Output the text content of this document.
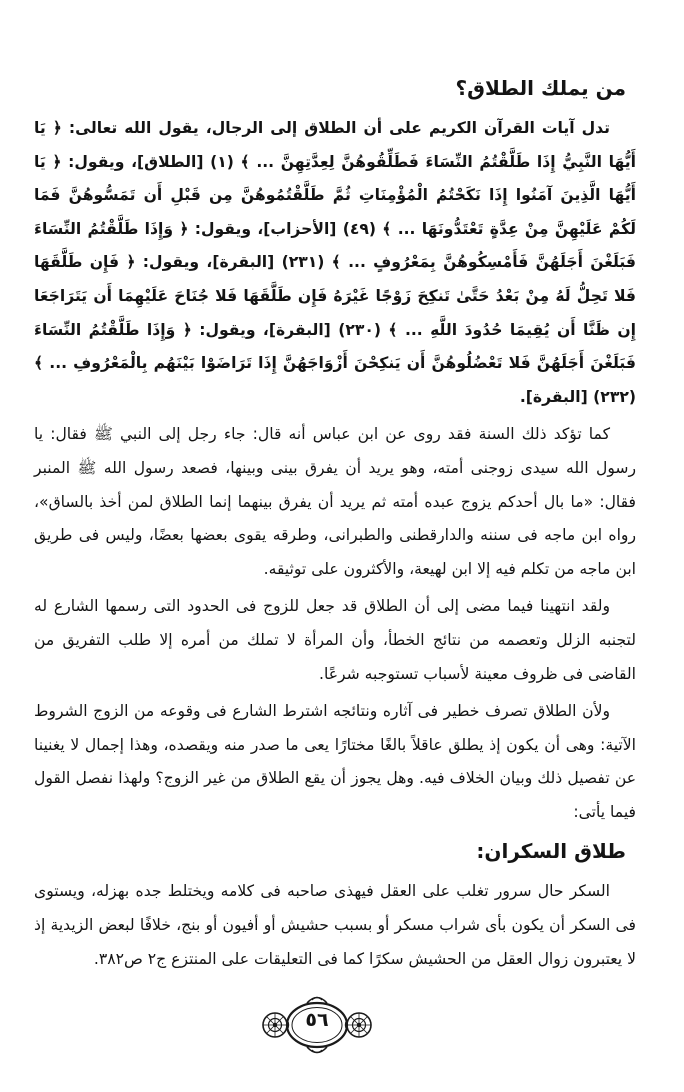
من يملك الطلاق؟

تدل آيات القرآن الكريم على أن الطلاق إلى الرجال، يقول الله تعالى: ﴿ يَا أَيُّهَا النَّبِيُّ إِذَا طَلَّقْتُمُ النِّسَاءَ فَطَلِّقُوهُنَّ لِعِدَّتِهِنَّ ... ﴾ (١) [الطلاق]، ويقول: ﴿ يَا أَيُّهَا الَّذِينَ آمَنُوا إِذَا نَكَحْتُمُ الْمُؤْمِنَاتِ ثُمَّ طَلَّقْتُمُوهُنَّ مِن قَبْلِ أَن تَمَسُّوهُنَّ فَمَا لَكُمْ عَلَيْهِنَّ مِنْ عِدَّةٍ تَعْتَدُّونَهَا ... ﴾ (٤٩) [الأحزاب]، ويقول: ﴿ وَإِذَا طَلَّقْتُمُ النِّسَاءَ فَبَلَغْنَ أَجَلَهُنَّ فَأَمْسِكُوهُنَّ بِمَعْرُوفٍ ... ﴾ (٢٣١) [البقرة]، ويقول: ﴿ فَإِن طَلَّقَهَا فَلا تَحِلُّ لَهُ مِنْ بَعْدُ حَتَّىٰ تَنكِحَ زَوْجًا غَيْرَهُ فَإِن طَلَّقَهَا فَلا جُنَاحَ عَلَيْهِمَا أَن يَتَرَاجَعَا إِن ظَنَّا أَن يُقِيمَا حُدُودَ اللَّهِ ... ﴾ (٢٣٠) [البقرة]، ويقول: ﴿ وَإِذَا طَلَّقْتُمُ النِّسَاءَ فَبَلَغْنَ أَجَلَهُنَّ فَلا تَعْضُلُوهُنَّ أَن يَنكِحْنَ أَزْوَاجَهُنَّ إِذَا تَرَاضَوْا بَيْنَهُم بِالْمَعْرُوفِ ... ﴾ (٢٣٢) [البقرة].

كما تؤكد ذلك السنة فقد روى عن ابن عباس أنه قال: جاء رجل إلى النبي ﷺ فقال: يا رسول الله سيدى زوجنى أمته، وهو يريد أن يفرق بينى وبينها، فصعد رسول الله ﷺ المنبر فقال: «ما بال أحدكم يزوج عبده أمته ثم يريد أن يفرق بينهما إنما الطلاق لمن أخذ بالساق»، رواه ابن ماجه فى سننه والدارقطنى والطبرانى، وطرقه يقوى بعضها بعضًا، وليس فى طريق ابن ماجه من تكلم فيه إلا ابن لهيعة، والأكثرون على توثيقه.

ولقد انتهينا فيما مضى إلى أن الطلاق قد جعل للزوج فى الحدود التى رسمها الشارع له لتجنبه الزلل وتعصمه من نتائج الخطأ، وأن المرأة لا تملك من أمره إلا طلب التفريق من القاضى فى ظروف معينة لأسباب تستوجبه شرعًا.

ولأن الطلاق تصرف خطير فى آثاره ونتائجه اشترط الشارع فى وقوعه من الزوج الشروط الآتية: وهى أن يكون إذ يطلق عاقلاً بالغًا مختارًا يعى ما صدر منه ويقصده، وهذا إجمال لا يغنينا عن تفصيل ذلك وبيان الخلاف فيه. وهل يجوز أن يقع الطلاق من غير الزوج؟ ولهذا نفصل القول فيما يأتى:

طلاق السكران:

السكر حال سرور تغلب على العقل فيهذى صاحبه فى كلامه ويختلط جده بهزله، ويستوى فى السكر أن يكون بأى شراب مسكر أو بسبب حشيش أو أفيون أو بنج، خلافًا لبعض الزيدية إذ لا يعتبرون زوال العقل من الحشيش سكرًا كما فى التعليقات على المنتزع ج٢ ص٣٨٢.

٥٦
